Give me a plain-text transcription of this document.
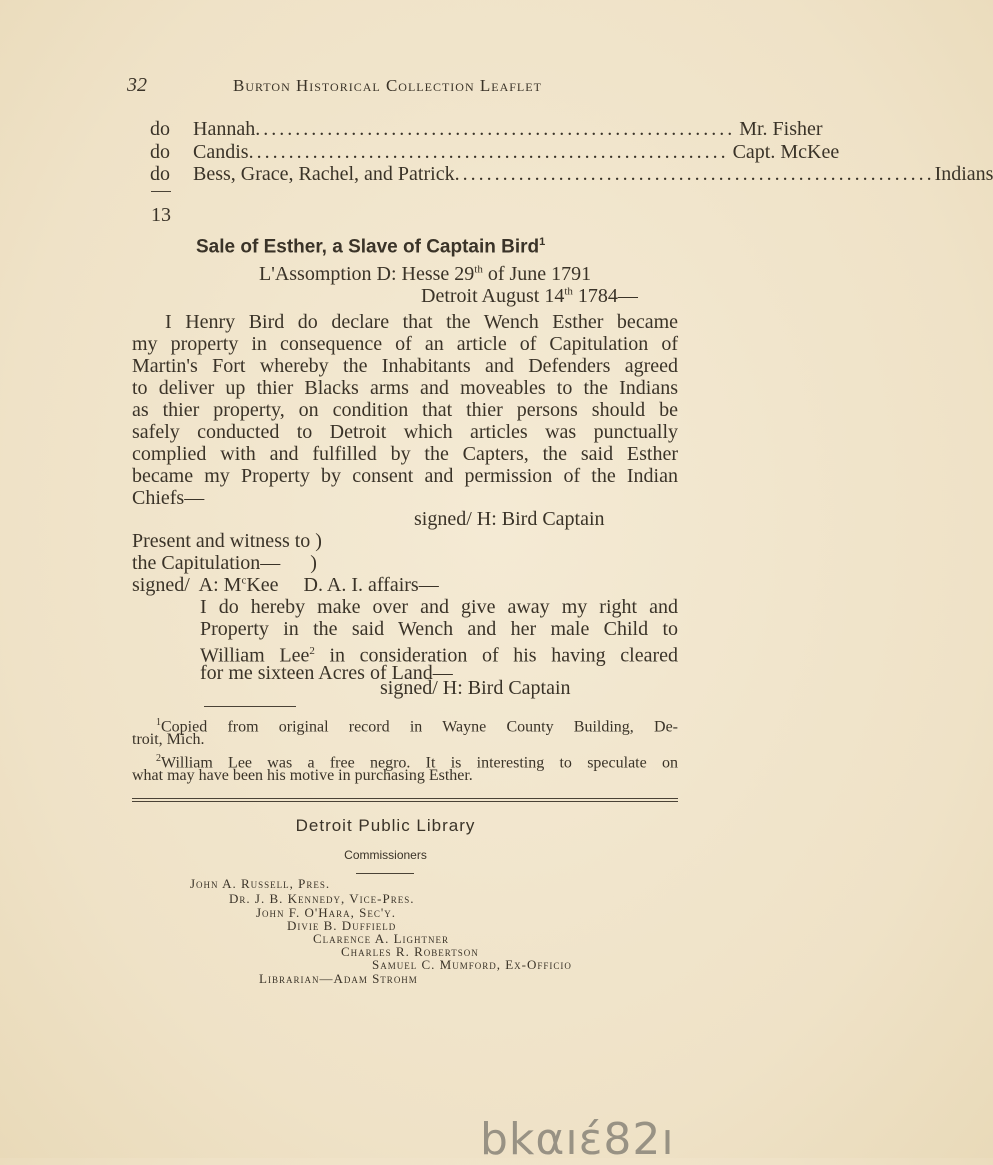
32	Burton Historical Collection Leaflet
do Hannah ............................................................ Mr. Fisher
do Candis ............................................................ Capt. McKee
do Bess, Grace, Rachel, and Patrick ............................................................ Indians
13
Sale of Esther, a Slave of Captain Bird$^1$
L'Assomption D: Hesse 29th of June 1791
Detroit August 14th 1784—
I Henry Bird do declare that the Wench Esther became
my property in consequence of an article of Capitulation of
Martin's Fort whereby the Inhabitants and Defenders agreed
to deliver up thier Blacks arms and moveables to the Indians
as thier property, on condition that thier persons should be
safely conducted to Detroit which articles was punctually
complied with and fulfilled by the Capters, the said Esther
became my Property by consent and permission of the Indian
Chiefs—
signed/ H: Bird Captain
Present and witness to )
the Capitulation—      )
signed/  A: $M^cKee$     D. A. I. affairs—
I do hereby make over and give away my right and
Property in the said Wench and her male Child to
William Lee$^2$ in consideration of his having cleared
for me sixteen Acres of Land—
signed/ H: Bird Captain
$^1$Copied from original record in Wayne County Building, De-
troit, Mich.
$^2$William Lee was a free negro. It is interesting to speculate on
what may have been his motive in purchasing Esther.
Detroit Public Library
Commissioners
John A. Russell, Pres.
Dr. J. B. Kennedy, Vice-Pres.
John F. O'Hara, Sec'y.
Divie B. Duffield
Clarence A. Lightner
Charles R. Robertson
Samuel C. Mumford, Ex-Officio
Librarian—Adam Strohm
bkαıέ82ı
